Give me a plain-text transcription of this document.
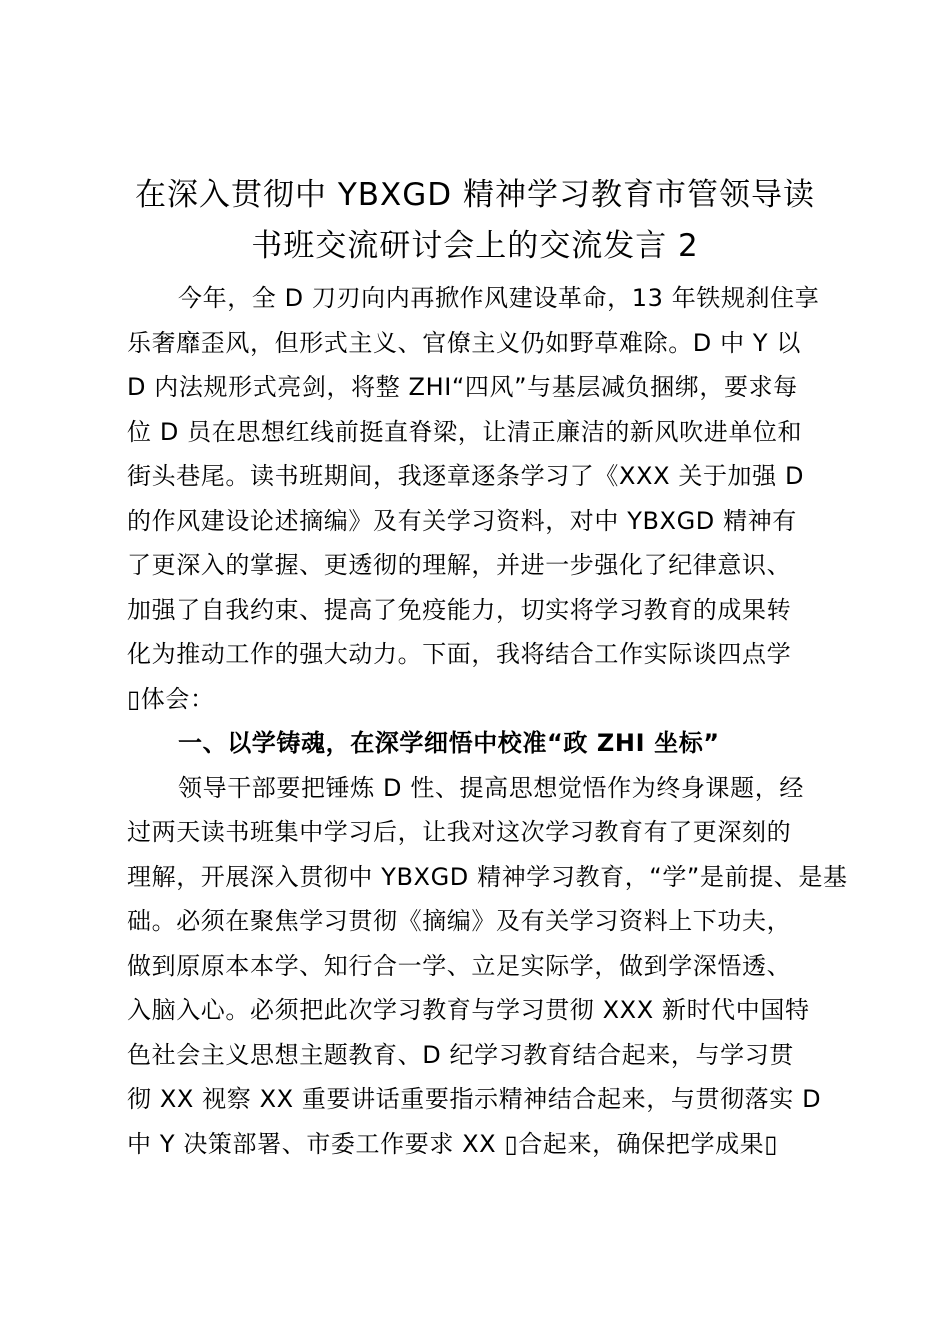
在深入贯彻中 YBXGD 精神学习教育市管领导读
书班交流研讨会上的交流发言 2
今年，全 D 刀刃向内再掀作风建设革命，13 年铁规刹住享
乐奢靡歪风，但形式主义、官僚主义仍如野草难除。D 中 Y 以
D 内法规形式亮剑，将整 ZHI“四风”与基层减负捆绑，要求每
位 D 员在思想红线前挺直脊梁，让清正廉洁的新风吹进单位和
街头巷尾。读书班期间，我逐章逐条学习了《XXX 关于加强 D
的作风建设论述摘编》及有关学习资料，对中 YBXGD 精神有
了更深入的掌握、更透彻的理解，并进一步强化了纪律意识、
加强了自我约束、提高了免疫能力，切实将学习教育的成果转
化为推动工作的强大动力。下面，我将结合工作实际谈四点学
▯体会：
一、以学铸魂，在深学细悟中校准“政 ZHI 坐标”
领导干部要把锤炼 D 性、提高思想觉悟作为终身课题，经
过两天读书班集中学习后，让我对这次学习教育有了更深刻的
理解，开展深入贯彻中 YBXGD 精神学习教育，“学”是前提、是基
础。必须在聚焦学习贯彻《摘编》及有关学习资料上下功夫，
做到原原本本学、知行合一学、立足实际学，做到学深悟透、
入脑入心。必须把此次学习教育与学习贯彻 XXX 新时代中国特
色社会主义思想主题教育、D 纪学习教育结合起来，与学习贯
彻 XX 视察 XX 重要讲话重要指示精神结合起来，与贯彻落实 D
中 Y 决策部署、市委工作要求 XX ▯合起来，确保把学成果▯
